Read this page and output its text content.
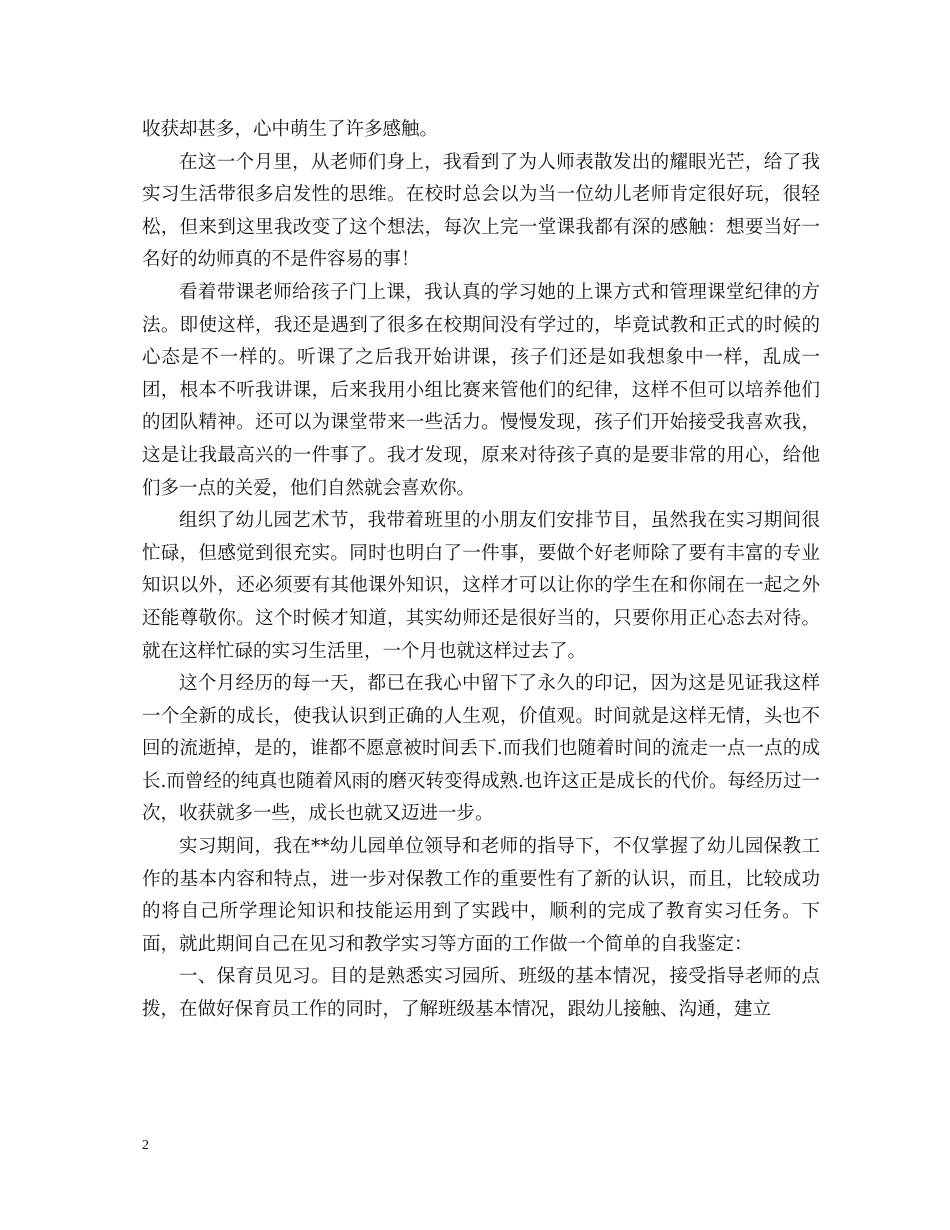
收获却甚多，心中萌生了许多感触。

在这一个月里，从老师们身上，我看到了为人师表散发出的耀眼光芒，给了我实习生活带很多启发性的思维。在校时总会以为当一位幼儿老师肯定很好玩，很轻松，但来到这里我改变了这个想法，每次上完一堂课我都有深的感触：想要当好一名好的幼师真的不是件容易的事！

看着带课老师给孩子门上课，我认真的学习她的上课方式和管理课堂纪律的方法。即使这样，我还是遇到了很多在校期间没有学过的，毕竟试教和正式的时候的心态是不一样的。听课了之后我开始讲课，孩子们还是如我想象中一样，乱成一团，根本不听我讲课，后来我用小组比赛来管他们的纪律，这样不但可以培养他们的团队精神。还可以为课堂带来一些活力。慢慢发现，孩子们开始接受我喜欢我，这是让我最高兴的一件事了。我才发现，原来对待孩子真的是要非常的用心，给他们多一点的关爱，他们自然就会喜欢你。

组织了幼儿园艺术节，我带着班里的小朋友们安排节目，虽然我在实习期间很忙碌，但感觉到很充实。同时也明白了一件事，要做个好老师除了要有丰富的专业知识以外，还必须要有其他课外知识，这样才可以让你的学生在和你闹在一起之外还能尊敬你。这个时候才知道，其实幼师还是很好当的，只要你用正心态去对待。就在这样忙碌的实习生活里，一个月也就这样过去了。

这个月经历的每一天，都已在我心中留下了永久的印记，因为这是见证我这样一个全新的成长，使我认识到正确的人生观，价值观。时间就是这样无情，头也不回的流逝掉，是的，谁都不愿意被时间丢下.而我们也随着时间的流走一点一点的成长.而曾经的纯真也随着风雨的磨灭转变得成熟.也许这正是成长的代价。每经历过一次，收获就多一些，成长也就又迈进一步。

实习期间，我在**幼儿园单位领导和老师的指导下，不仅掌握了幼儿园保教工作的基本内容和特点，进一步对保教工作的重要性有了新的认识，而且，比较成功的将自己所学理论知识和技能运用到了实践中，顺利的完成了教育实习任务。下面，就此期间自己在见习和教学实习等方面的工作做一个简单的自我鉴定：

一、保育员见习。目的是熟悉实习园所、班级的基本情况，接受指导老师的点拨，在做好保育员工作的同时，了解班级基本情况，跟幼儿接触、沟通，建立

2
